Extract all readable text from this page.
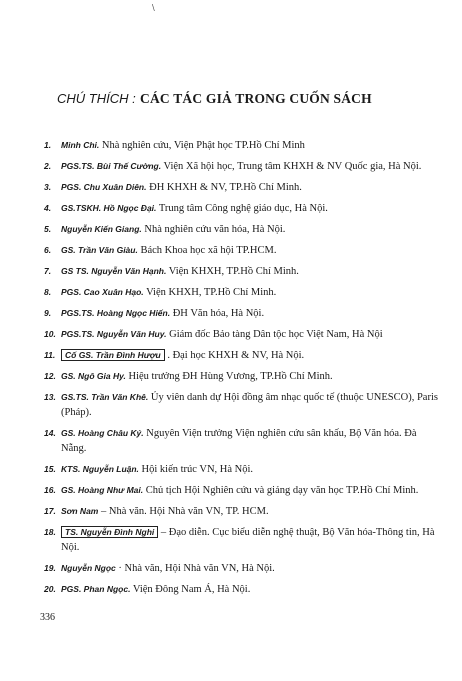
\
CHÚ THÍCH : CÁC TÁC GIẢ TRONG CUỐN SÁCH
1. Minh Chi. Nhà nghiên cứu, Viện Phật học TP.Hồ Chí Minh
2. PGS.TS. Bùi Thế Cường. Viện Xã hội học, Trung tâm KHXH & NV Quốc gia, Hà Nội.
3. PGS. Chu Xuân Diên. ĐH KHXH & NV, TP.Hồ Chí Minh.
4. GS.TSKH. Hồ Ngọc Đại. Trung tâm Công nghệ giáo dục, Hà Nội.
5. Nguyễn Kiến Giang. Nhà nghiên cứu văn hóa, Hà Nội.
6. GS. Trần Văn Giàu. Bách Khoa học xã hội TP.HCM.
7. GS TS. Nguyễn Văn Hạnh. Viện KHXH, TP.Hồ Chí Minh.
8. PGS. Cao Xuân Hạo. Viện KHXH, TP.Hồ Chí Minh.
9. PGS.TS. Hoàng Ngọc Hiến. ĐH Văn hóa, Hà Nội.
10. PGS.TS. Nguyễn Văn Huy. Giám đốc Bảo tàng Dân tộc học Việt Nam, Hà Nội
11. Cố GS. Trần Đình Hượu . Đại học KHXH & NV, Hà Nội.
12. GS. Ngô Gia Hy. Hiệu trưởng ĐH Hùng Vương, TP.Hồ Chí Minh.
13. GS.TS. Trần Văn Khê. Ủy viên danh dự Hội đồng âm nhạc quốc tế (thuộc UNESCO), Paris (Pháp).
14. GS. Hoàng Châu Ký. Nguyên Viện trưởng Viện nghiên cứu sân khấu, Bộ Văn hóa. Đà Nẵng.
15. KTS. Nguyễn Luận. Hội kiến trúc VN, Hà Nội.
16. GS. Hoàng Như Mai. Chủ tịch Hội Nghiên cứu và giảng dạy văn học TP.Hồ Chí Minh.
17. Sơn Nam – Nhà văn. Hội Nhà văn VN, TP. HCM.
18. TS. Nguyễn Đình Nghi – Đạo diễn. Cục biểu diễn nghệ thuật, Bộ Văn hóa-Thông tin, Hà Nội.
19. Nguyễn Ngọc · Nhà văn, Hội Nhà văn VN, Hà Nội.
20. PGS. Phan Ngọc. Viện Đông Nam Á, Hà Nội.
336
